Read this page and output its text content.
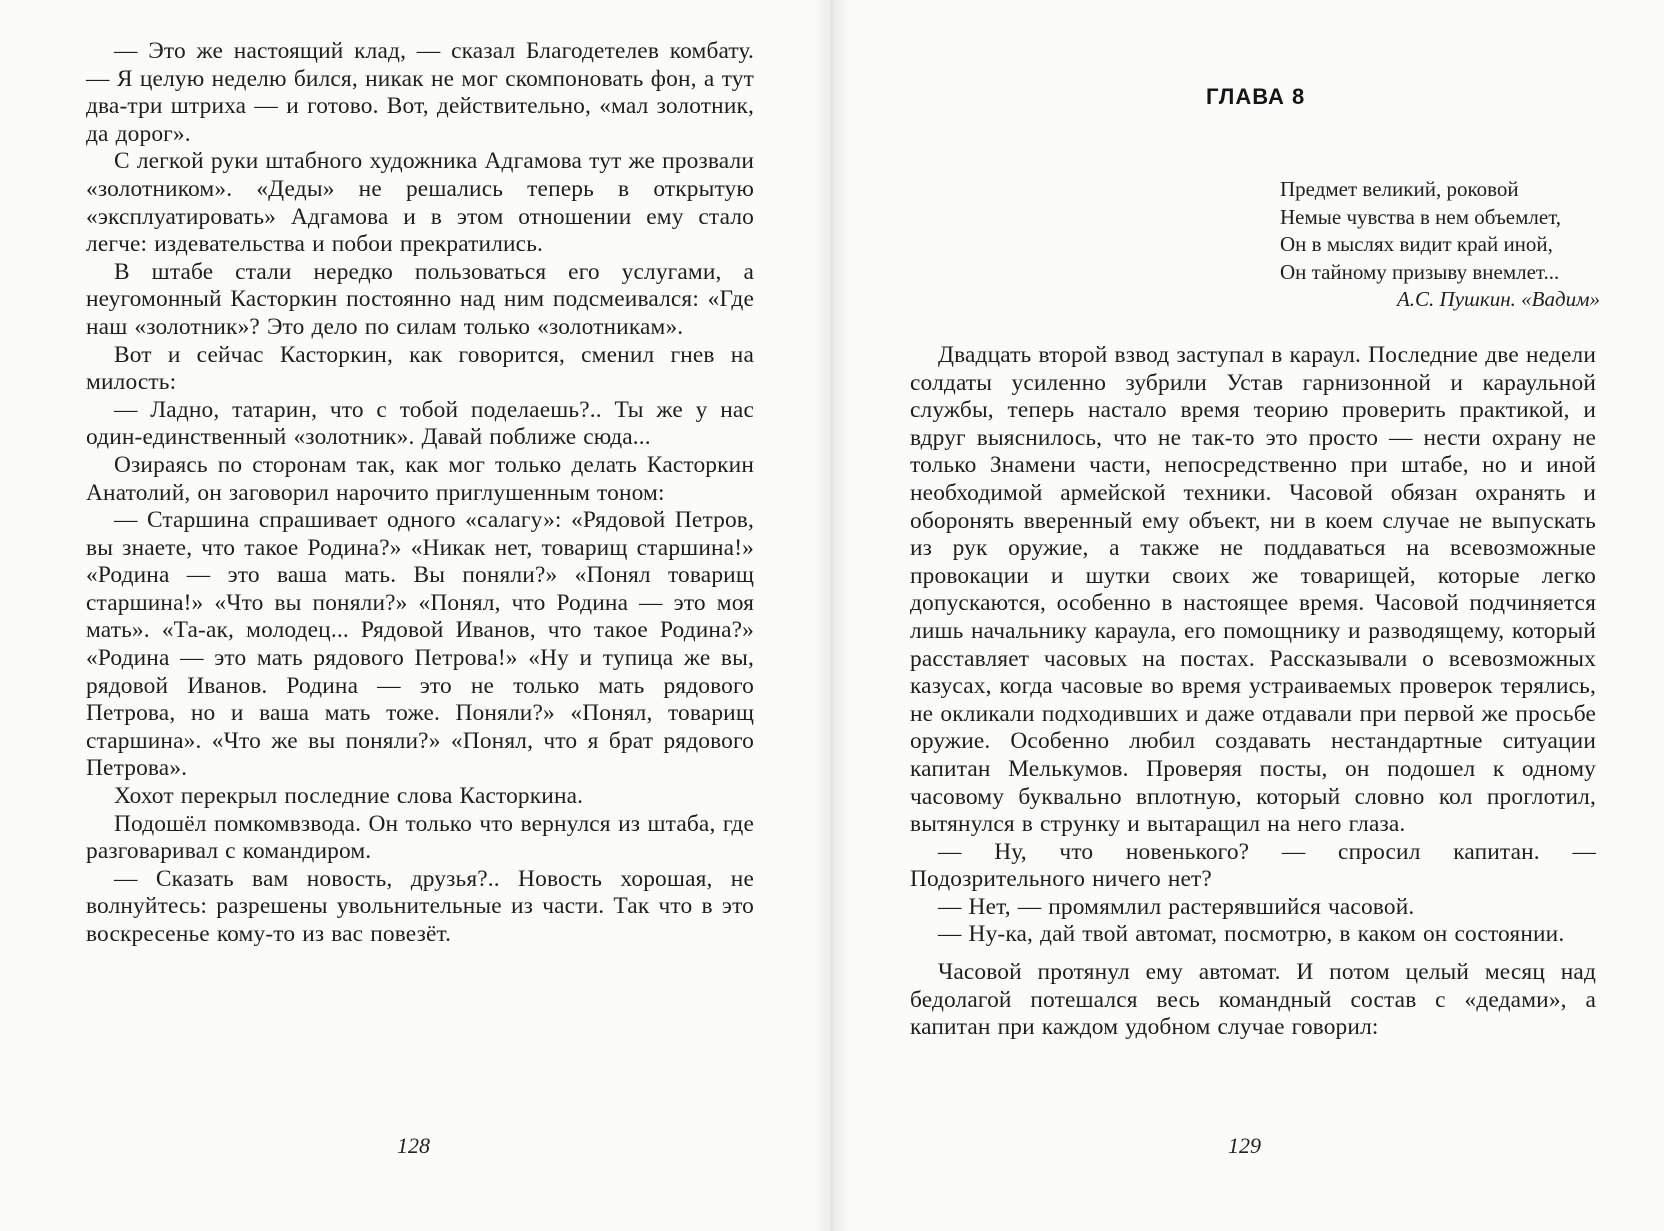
— Это же настоящий клад, — сказал Благодетелев комбату. — Я целую неделю бился, никак не мог скомпоновать фон, а тут два-три штриха — и готово. Вот, действительно, «мал золотник, да дорог».

С легкой руки штабного художника Адгамова тут же прозвали «золотником». «Деды» не решались теперь в открытую «эксплуатировать» Адгамова и в этом отношении ему стало легче: издевательства и побои прекратились.

В штабе стали нередко пользоваться его услугами, а неугомонный Касторкин постоянно над ним подсмеивался: «Где наш «золотник»? Это дело по силам только «золотникам».

Вот и сейчас Касторкин, как говорится, сменил гнев на милость:

— Ладно, татарин, что с тобой поделаешь?.. Ты же у нас один-единственный «золотник». Давай поближе сюда...

Озираясь по сторонам так, как мог только делать Касторкин Анатолий, он заговорил нарочито приглушенным тоном:

— Старшина спрашивает одного «салагу»: «Рядовой Петров, вы знаете, что такое Родина?» «Никак нет, товарищ старшина!» «Родина — это ваша мать. Вы поняли?» «Понял товарищ старшина!» «Что вы поняли?» «Понял, что Родина — это моя мать». «Та-ак, молодец... Рядовой Иванов, что такое Родина?» «Родина — это мать рядового Петрова!» «Ну и тупица же вы, рядовой Иванов. Родина — это не только мать рядового Петрова, но и ваша мать тоже. Поняли?» «Понял, товарищ старшина». «Что же вы поняли?» «Понял, что я брат рядового Петрова».

Хохот перекрыл последние слова Касторкина.

Подошёл помкомвзвода. Он только что вернулся из штаба, где разговаривал с командиром.

— Сказать вам новость, друзья?.. Новость хорошая, не волнуйтесь: разрешены увольнительные из части. Так что в это воскресенье кому-то из вас повезёт.

128
ГЛАВА 8
Предмет великий, роковой
Немые чувства в нем объемлет,
Он в мыслях видит край иной,
Он тайному призыву внемлет...
А.С. Пушкин. «Вадим»

Двадцать второй взвод заступал в караул. Последние две недели солдаты усиленно зубрили Устав гарнизонной и караульной службы, теперь настало время теорию проверить практикой, и вдруг выяснилось, что не так-то это просто — нести охрану не только Знамени части, непосредственно при штабе, но и иной необходимой армейской техники. Часовой обязан охранять и оборонять вверенный ему объект, ни в коем случае не выпускать из рук оружие, а также не поддаваться на всевозможные провокации и шутки своих же товарищей, которые легко допускаются, особенно в настоящее время. Часовой подчиняется лишь начальнику караула, его помощнику и разводящему, который расставляет часовых на постах. Рассказывали о всевозможных казусах, когда часовые во время устраиваемых проверок терялись, не окликали подходивших и даже отдавали при первой же просьбе оружие. Особенно любил создавать нестандартные ситуации капитан Мелькумов. Проверяя посты, он подошел к одному часовому буквально вплотную, который словно кол проглотил, вытянулся в струнку и вытаращил на него глаза.

— Ну, что новенького? — спросил капитан. — Подозрительного ничего нет?

— Нет, — промямлил растерявшийся часовой.

— Ну-ка, дай твой автомат, посмотрю, в каком он состоянии.

Часовой протянул ему автомат. И потом целый месяц над бедолагой потешался весь командный состав с «дедами», а капитан при каждом удобном случае говорил:

129
